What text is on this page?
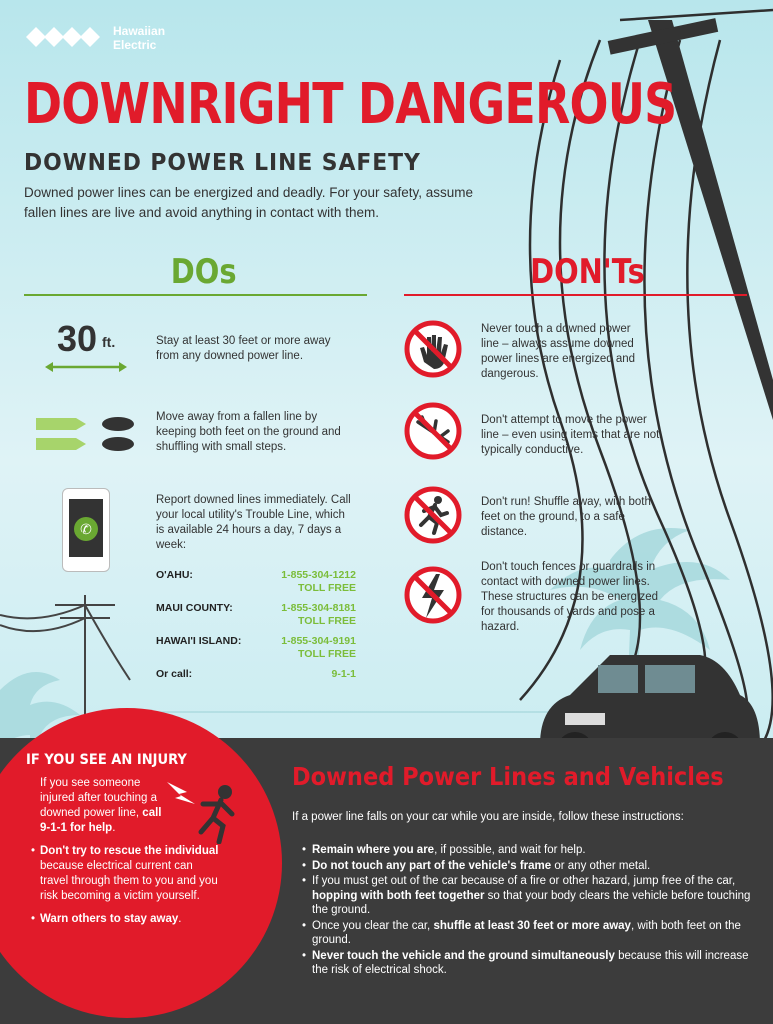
Hawaiian
Electric
DOWNRIGHT DANGEROUS
DOWNED POWER LINE SAFETY
Downed power lines can be energized and deadly. For your safety, assume fallen lines are live and avoid anything in contact with them.
DOs
30 ft.	Stay at least 30 feet or more away from any downed power line.
Move away from a fallen line by keeping both feet on the ground and shuffling with small steps.
✆
Report downed lines immediately. Call your local utility's Trouble Line, which is available 24 hours a day, 7 days a week:
O'AHU:	1-855-304-1212
TOLL FREE
MAUI COUNTY:	1-855-304-8181
TOLL FREE
HAWAI'I ISLAND:	1-855-304-9191
TOLL FREE
Or call:	9-1-1
DON'Ts
Never touch a downed power line – always assume downed power lines are energized and dangerous.
Don't attempt to move the power line – even using items that are not typically conductive.
Don't run! Shuffle away, with both feet on the ground, to a safe distance.
Don't touch fences or guardrails in contact with downed power lines. These structures can be energized for thousands of yards and pose a hazard.
IF YOU SEE AN INJURY
If you see someone injured after touching a downed power line, call 9-1-1 for help.
• Don't try to rescue the individual because electrical current can travel through them to you and you risk becoming a victim yourself.
• Warn others to stay away.
Downed Power Lines and Vehicles
If a power line falls on your car while you are inside, follow these instructions:
• Remain where you are, if possible, and wait for help.
• Do not touch any part of the vehicle's frame or any other metal.
• If you must get out of the car because of a fire or other hazard, jump free of the car, hopping with both feet together so that your body clears the vehicle before touching the ground.
• Once you clear the car, shuffle at least 30 feet or more away, with both feet on the ground.
• Never touch the vehicle and the ground simultaneously because this will increase the risk of electrical shock.
